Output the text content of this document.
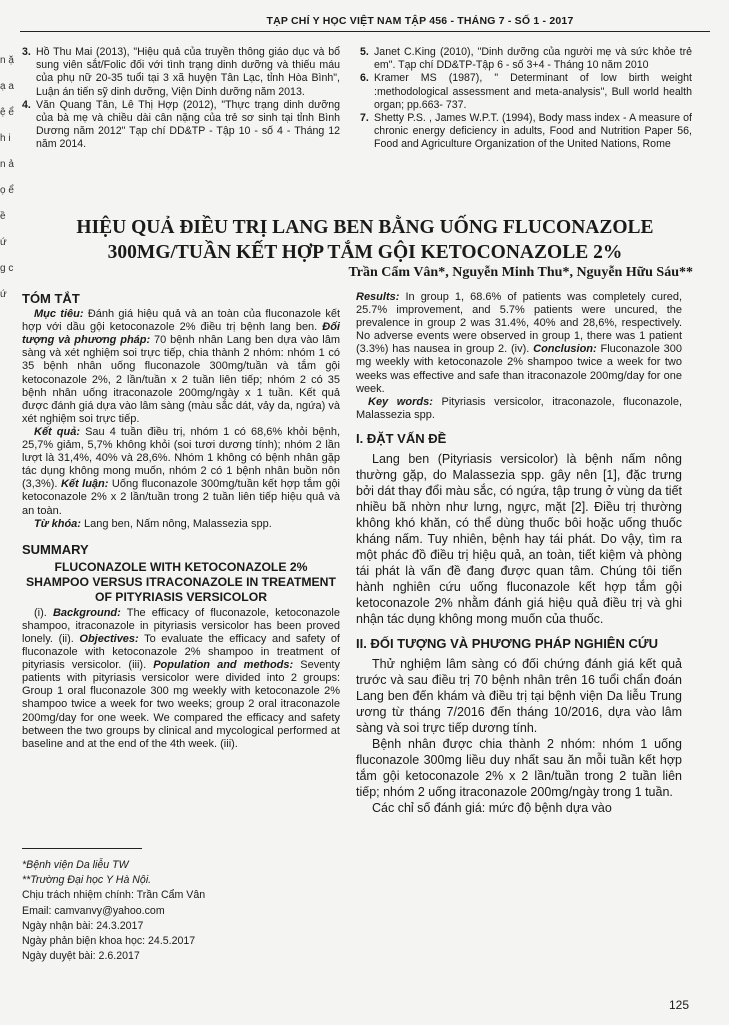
TẠP CHÍ Y HỌC VIỆT NAM TẬP 456 - THÁNG 7 - SỐ 1 - 2017
n ặ ạ a ệ ể h i n ả ọ ể ề ứ g c ứ
3. Hồ Thu Mai (2013), "Hiệu quả của truyền thông giáo dục và bổ sung viên sắt/Folic đối với tình trạng dinh dưỡng và thiếu máu của phụ nữ 20-35 tuổi tại 3 xã huyện Tân Lạc, tỉnh Hòa Bình", Luận án tiến sỹ dinh dưỡng, Viện Dinh dưỡng năm 2013.
4. Văn Quang Tân, Lê Thị Hợp (2012), "Thực trạng dinh dưỡng của bà mẹ và chiều dài cân nặng của trẻ sơ sinh tại tỉnh Bình Dương năm 2012" Tạp chí DD&TP - Tập 10 - số 4 - Tháng 12 năm 2014.
5. Janet C.King (2010), "Dinh dưỡng của người mẹ và sức khỏe trẻ em". Tạp chí DD&TP-Tập 6 - số 3+4 - Tháng 10 năm 2010
6. Kramer MS (1987), " Determinant of low birth weight :methodological assessment and meta-analysis", Bull world health organ; pp.663- 737.
7. Shetty P.S. , James W.P.T. (1994), Body mass index - A measure of chronic energy deficiency in adults, Food and Nutrition Paper 56, Food and Agriculture Organization of the United Nations, Rome
HIỆU QUẢ ĐIỀU TRỊ LANG BEN BẰNG UỐNG FLUCONAZOLE
300MG/TUẦN KẾT HỢP TẮM GỘI KETOCONAZOLE 2%
Trần Cẩm Vân*, Nguyễn Minh Thu*, Nguyễn Hữu Sáu**
TÓM TẮT

Mục tiêu: Đánh giá hiệu quả và an toàn của fluconazole kết hợp với dầu gội ketoconazole 2% điều trị bệnh lang ben. Đối tượng và phương pháp: 70 bệnh nhân Lang ben dựa vào lâm sàng và xét nghiệm soi trực tiếp, chia thành 2 nhóm: nhóm 1 có 35 bệnh nhân uống fluconazole 300mg/tuần và tắm gội ketoconazole 2%, 2 lần/tuần x 2 tuần liên tiếp; nhóm 2 có 35 bệnh nhân uống itraconazole 200mg/ngày x 1 tuần. Kết quả được đánh giá dựa vào lâm sàng (màu sắc dát, vảy da, ngứa) và xét nghiệm soi trực tiếp.

Kết quả: Sau 4 tuần điều trị, nhóm 1 có 68,6% khỏi bệnh, 25,7% giảm, 5,7% không khỏi (soi tươi dương tính); nhóm 2 lần lượt là 31,4%, 40% và 28,6%. Nhóm 1 không có bệnh nhân gặp tác dụng không mong muốn, nhóm 2 có 1 bệnh nhân buồn nôn (3,3%). Kết luận: Uống fluconazole 300mg/tuần kết hợp tắm gội ketoconazole 2% x 2 lần/tuần trong 2 tuần liên tiếp hiệu quả và an toàn.

Từ khóa: Lang ben, Nấm nông, Malassezia spp.

SUMMARY
FLUCONAZOLE WITH KETOCONAZOLE 2% SHAMPOO VERSUS ITRACONAZOLE IN TREATMENT OF PITYRIASIS VERSICOLOR

(i). Background: The efficacy of fluconazole, ketoconazole shampoo, itraconazole in pityriasis versicolor has been proved lonely. (ii). Objectives: To evaluate the efficacy and safety of fluconazole with ketoconazole 2% shampoo in treatment of pityriasis versicolor. (iii). Population and methods: Seventy patients with pityriasis versicolor were divided into 2 groups: Group 1 oral fluconazole 300 mg weekly with ketoconazole 2% shampoo twice a week for two weeks; group 2 oral itraconazole 200mg/day for one week. We compared the efficacy and safety between the two groups by clinical and mycological performed at baseline and at the end of the 4th week. (iii).

*Bệnh viện Da liễu TW
**Trường Đại học Y Hà Nội.
Chịu trách nhiệm chính: Trần Cẩm Vân
Email: camvanvy@yahoo.com
Ngày nhận bài: 24.3.2017
Ngày phản biện khoa học: 24.5.2017
Ngày duyệt bài: 2.6.2017

Results: In group 1, 68.6% of patients was completely cured, 25.7% improvement, and 5.7% patients were uncured, the prevalence in group 2 was 31.4%, 40% and 28,6%, respectively. No adverse events were observed in group 1, there was 1 patient (3.3%) has nausea in group 2. (iv). Conclusion: Fluconazole 300 mg weekly with ketoconazole 2% shampoo twice a week for two weeks was effective and safe than itraconazole 200mg/day for one week.

Key words: Pityriasis versicolor, itraconazole, fluconazole, Malassezia spp.

I. ĐẶT VẤN ĐỀ

Lang ben (Pityriasis versicolor) là bệnh nấm nông thường gặp, do Malassezia spp. gây nên [1], đặc trưng bởi dát thay đổi màu sắc, có ngứa, tập trung ở vùng da tiết nhiều bã nhờn như lưng, ngực, mặt [2]. Điều trị thường không khó khăn, có thể dùng thuốc bôi hoặc uống thuốc kháng nấm. Tuy nhiên, bệnh hay tái phát. Do vậy, tìm ra một phác đồ điều trị hiệu quả, an toàn, tiết kiệm và phòng tái phát là vấn đề đang được quan tâm. Chúng tôi tiến hành nghiên cứu uống fluconazole kết hợp tắm gội ketoconazole 2% nhằm đánh giá hiệu quả điều trị và ghi nhận tác dụng không mong muốn của thuốc.

II. ĐỐI TƯỢNG VÀ PHƯƠNG PHÁP NGHIÊN CỨU

Thử nghiệm lâm sàng có đối chứng đánh giá kết quả trước và sau điều trị 70 bệnh nhân trên 16 tuổi chẩn đoán Lang ben đến khám và điều trị tại bệnh viện Da liễu Trung ương từ tháng 7/2016 đến tháng 10/2016, dựa vào lâm sàng và soi trực tiếp dương tính.

Bệnh nhân được chia thành 2 nhóm: nhóm 1 uống fluconazole 300mg liều duy nhất sau ăn mỗi tuần kết hợp tắm gội ketoconazole 2% x 2 lần/tuần trong 2 tuần liên tiếp; nhóm 2 uống itraconazole 200mg/ngày trong 1 tuần.

Các chỉ số đánh giá: mức độ bệnh dựa vào

125
